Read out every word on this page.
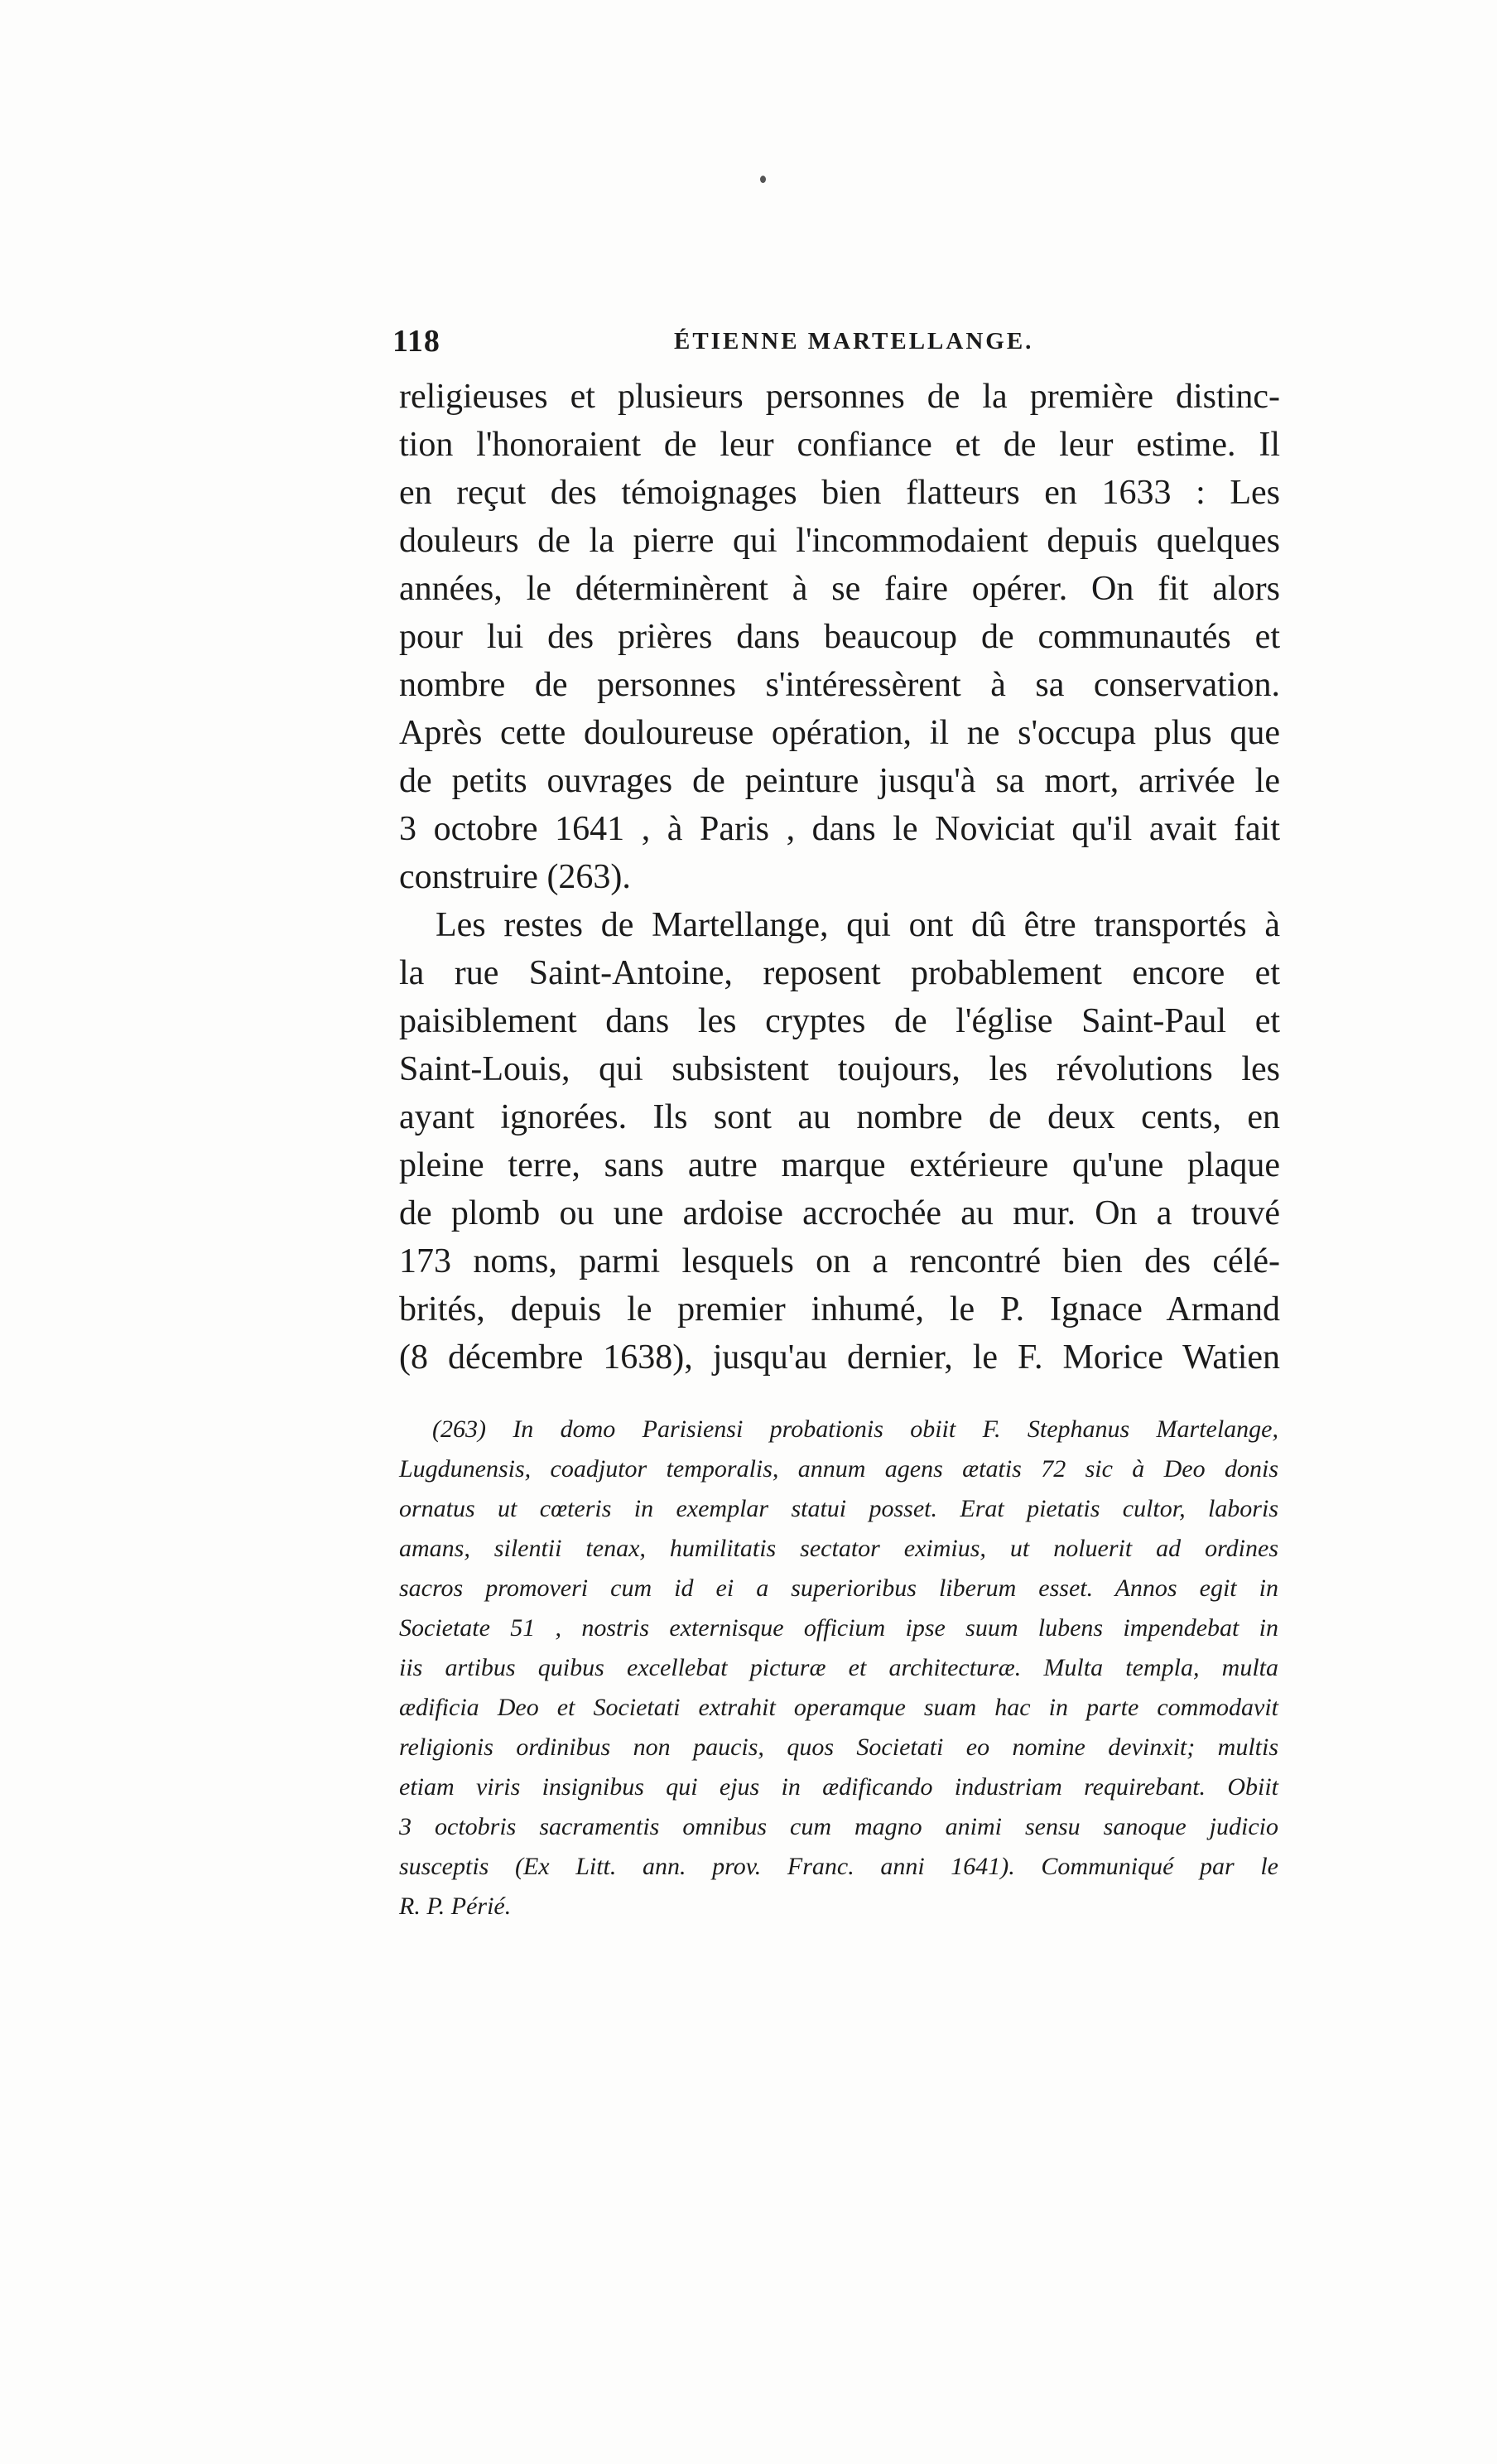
118	ÉTIENNE MARTELLANGE.
religieuses et plusieurs personnes de la première distinc-
tion l'honoraient de leur confiance et de leur estime. Il
en reçut des témoignages bien flatteurs en 1633 : Les
douleurs de la pierre qui l'incommodaient depuis quelques
années, le déterminèrent à se faire opérer. On fit alors
pour lui des prières dans beaucoup de communautés et
nombre de personnes s'intéressèrent à sa conservation.
Après cette douloureuse opération, il ne s'occupa plus que
de petits ouvrages de peinture jusqu'à sa mort, arrivée le
3 octobre 1641 , à Paris , dans le Noviciat qu'il avait fait
construire (263).
Les restes de Martellange, qui ont dû être transportés à
la rue Saint-Antoine, reposent probablement encore et
paisiblement dans les cryptes de l'église Saint-Paul et
Saint-Louis, qui subsistent toujours, les révolutions les
ayant ignorées. Ils sont au nombre de deux cents, en
pleine terre, sans autre marque extérieure qu'une plaque
de plomb ou une ardoise accrochée au mur. On a trouvé
173 noms, parmi lesquels on a rencontré bien des célé-
brités, depuis le premier inhumé, le P. Ignace Armand
(8 décembre 1638), jusqu'au dernier, le F. Morice Watien
(263) In domo Parisiensi probationis obiit F. Stephanus Martelange,
Lugdunensis, coadjutor temporalis, annum agens ætatis 72 sic à Deo donis
ornatus ut cœteris in exemplar statui posset. Erat pietatis cultor, laboris
amans, silentii tenax, humilitatis sectator eximius, ut noluerit ad ordines
sacros promoveri cum id ei a superioribus liberum esset. Annos egit in
Societate 51 , nostris externisque officium ipse suum lubens impendebat in
iis artibus quibus excellebat picturæ et architecturæ. Multa templa, multa
ædificia Deo et Societati extrahit operamque suam hac in parte commodavit
religionis ordinibus non paucis, quos Societati eo nomine devinxit; multis
etiam viris insignibus qui ejus in ædificando industriam requirebant. Obiit
3 octobris sacramentis omnibus cum magno animi sensu sanoque judicio
susceptis (Ex Litt. ann. prov. Franc. anni 1641). Communiqué par le
R. P. Périé.
